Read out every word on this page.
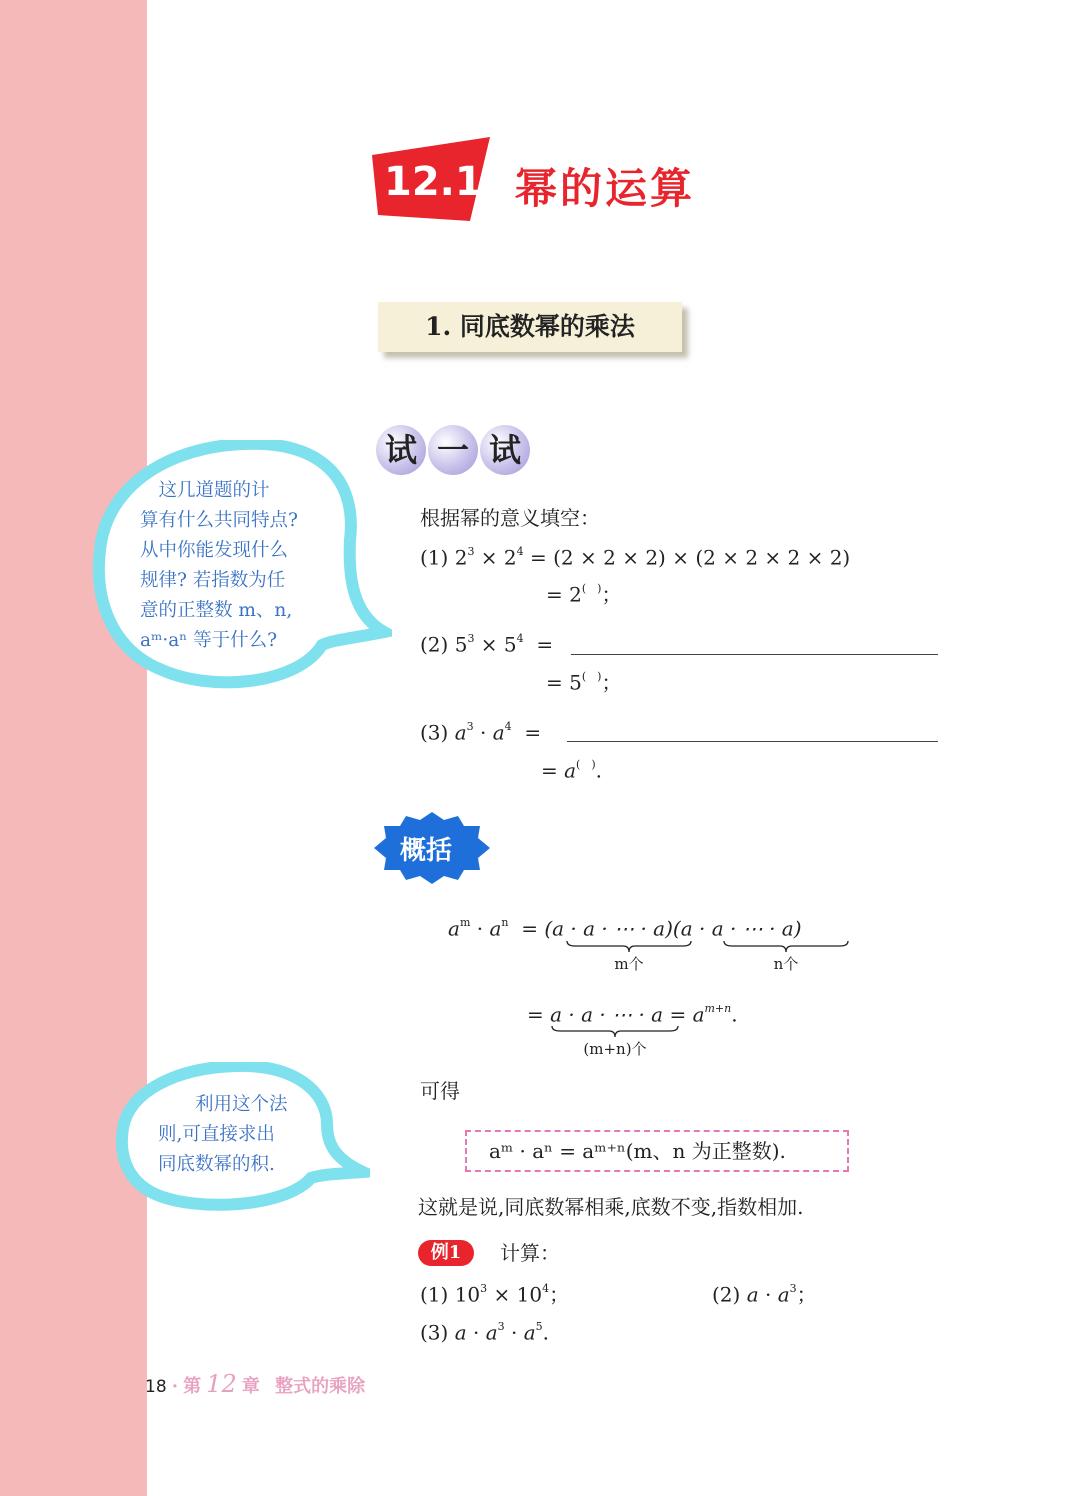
12.1 幂的运算
1. 同底数幂的乘法
试 一 试
　这几道题的计
算有什么共同特点?
从中你能发现什么
规律? 若指数为任
意的正整数 m、n,
aᵐ·aⁿ 等于什么?
根据幂的意义填空：
(1) $2^3 \times 2^4 = (2 \times 2 \times 2) \times (2 \times 2 \times 2 \times 2)$
= 2(　)；
(2) $5^3 \times 5^4$ =
= 5(　)；
(3) $a^3 \cdot a^4$ =
= a(　).
概括
$a^m \cdot a^n = (a \cdot a$ · ⋯ · a)(a · a · ⋯ · a)
m个	n个
= a · a · ⋯ · $a = a^{m+n}$.
(m+n)个
　　利用这个法
则,可直接求出
同底数幂的积.
可得
aᵐ · aⁿ = aᵐ⁺ⁿ(m、n 为正整数).
这就是说,同底数幂相乘,底数不变,指数相加.
例1	计算：
(1) $10^3 \times 10^4$；	(2) $a \cdot a^3$；
(3) $a \cdot a^3 \cdot a^5$.
18 · 第 12 章 整式的乘除
